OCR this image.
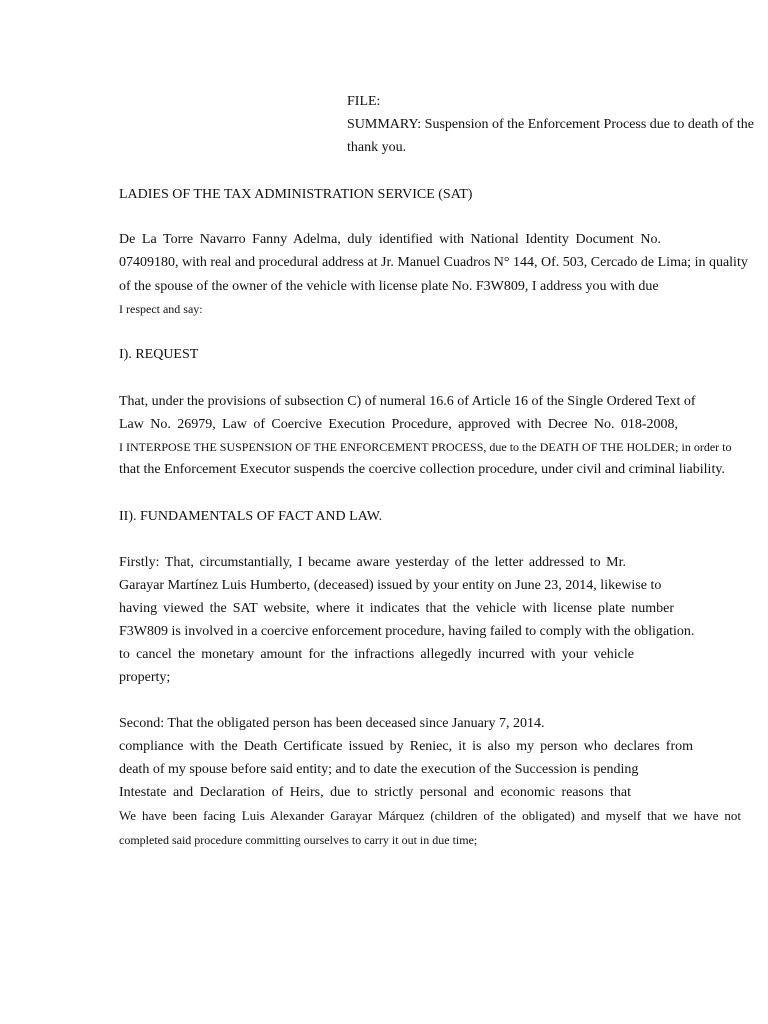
FILE:
SUMMARY: Suspension of the Enforcement Process due to death of the
thank you.
LADIES OF THE TAX ADMINISTRATION SERVICE (SAT)
De La Torre Navarro Fanny Adelma, duly identified with National Identity Document No.
07409180, with real and procedural address at Jr. Manuel Cuadros N° 144, Of. 503, Cercado de Lima; in quality
of the spouse of the owner of the vehicle with license plate No. F3W809, I address you with due
I respect and say:
I). REQUEST
That, under the provisions of subsection C) of numeral 16.6 of Article 16 of the Single Ordered Text of
Law No. 26979, Law of Coercive Execution Procedure, approved with Decree No. 018-2008,
I INTERPOSE THE SUSPENSION OF THE ENFORCEMENT PROCESS, due to the DEATH OF THE HOLDER; in order to
that the Enforcement Executor suspends the coercive collection procedure, under civil and criminal liability.
II). FUNDAMENTALS OF FACT AND LAW.
Firstly: That, circumstantially, I became aware yesterday of the letter addressed to Mr.
Garayar Martínez Luis Humberto, (deceased) issued by your entity on June 23, 2014, likewise to
having viewed the SAT website, where it indicates that the vehicle with license plate number
F3W809 is involved in a coercive enforcement procedure, having failed to comply with the obligation.
to cancel the monetary amount for the infractions allegedly incurred with your vehicle
property;
Second: That the obligated person has been deceased since January 7, 2014.
compliance with the Death Certificate issued by Reniec, it is also my person who declares from
death of my spouse before said entity; and to date the execution of the Succession is pending
Intestate and Declaration of Heirs, due to strictly personal and economic reasons that
We have been facing Luis Alexander Garayar Márquez (children of the obligated) and myself that we have not
completed said procedure committing ourselves to carry it out in due time;
